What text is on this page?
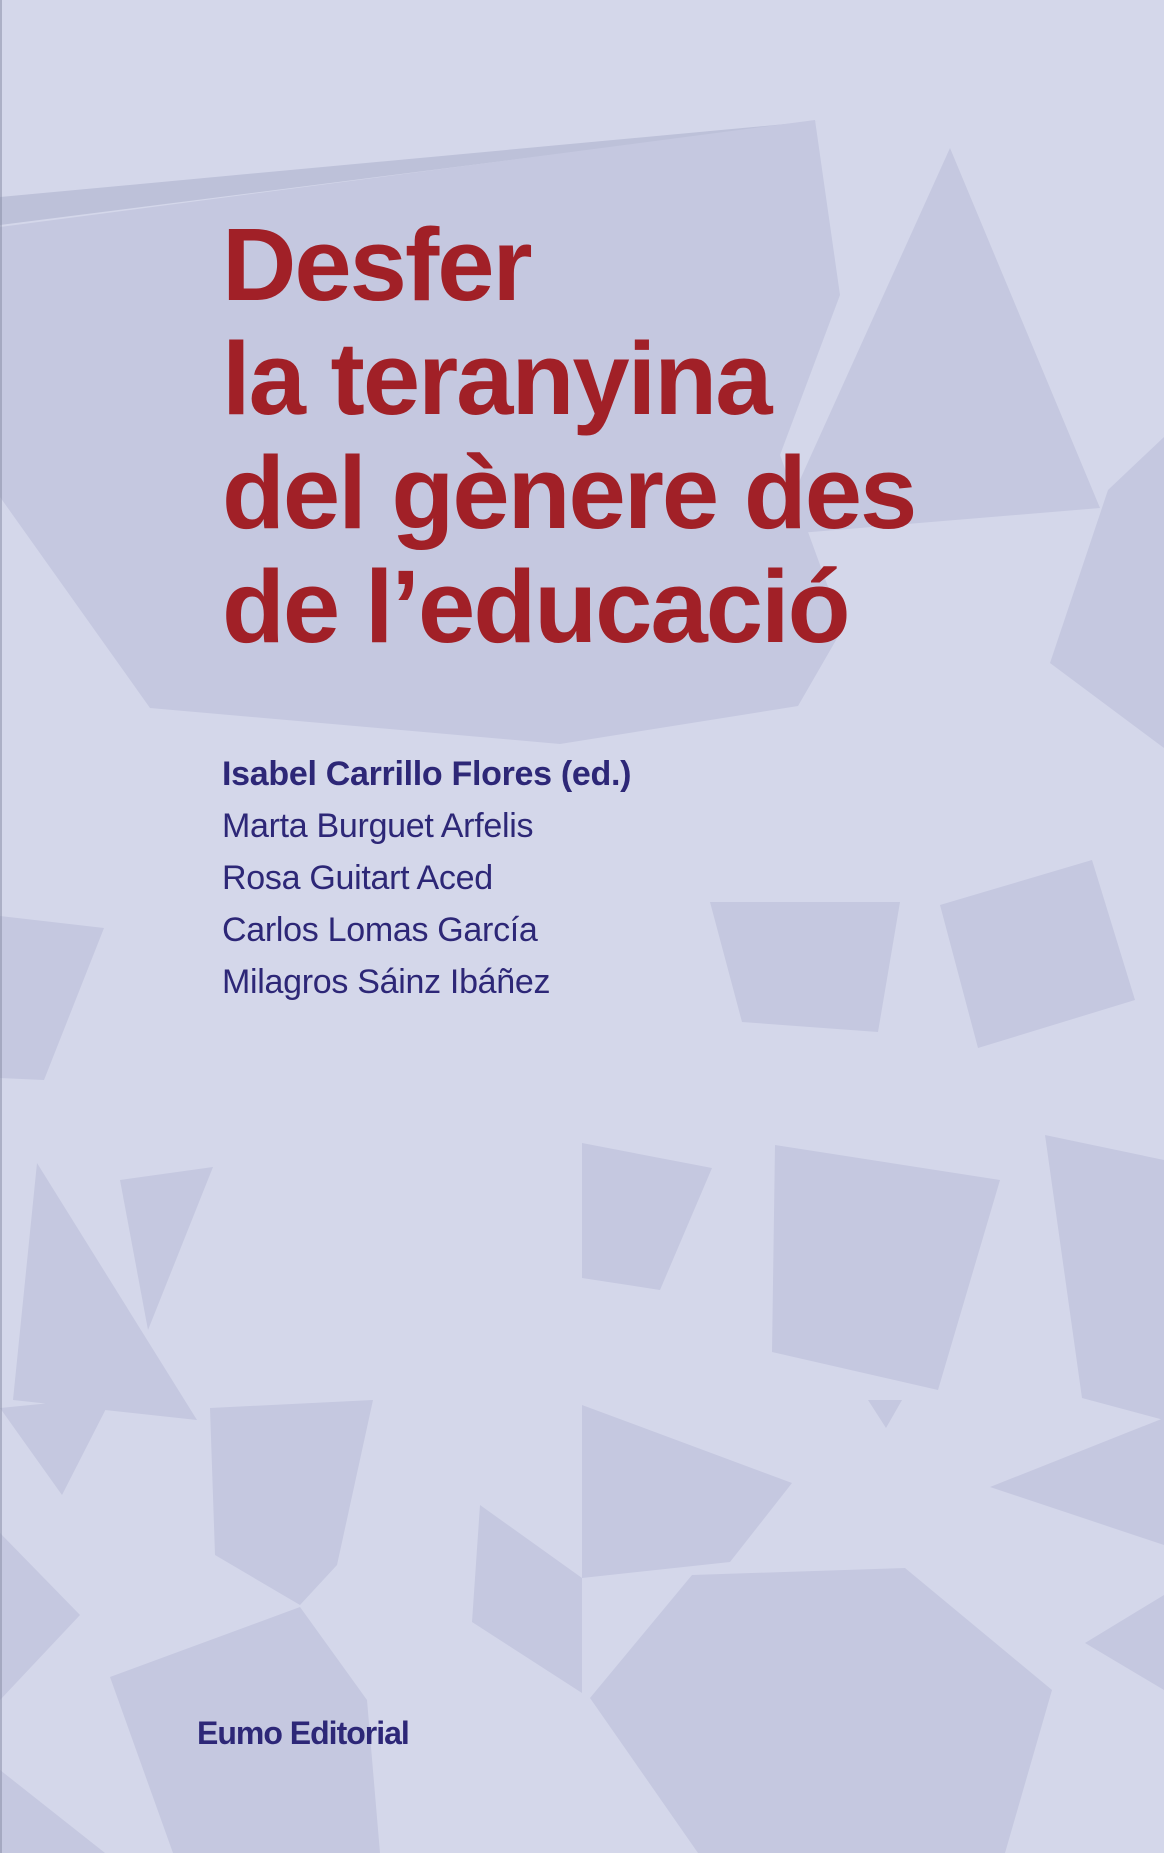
Desfer
la teranyina
del gènere des
de l’educació
Isabel Carrillo Flores (ed.)
Marta Burguet Arfelis
Rosa Guitart Aced
Carlos Lomas García
Milagros Sáinz Ibáñez
Eumo Editorial
